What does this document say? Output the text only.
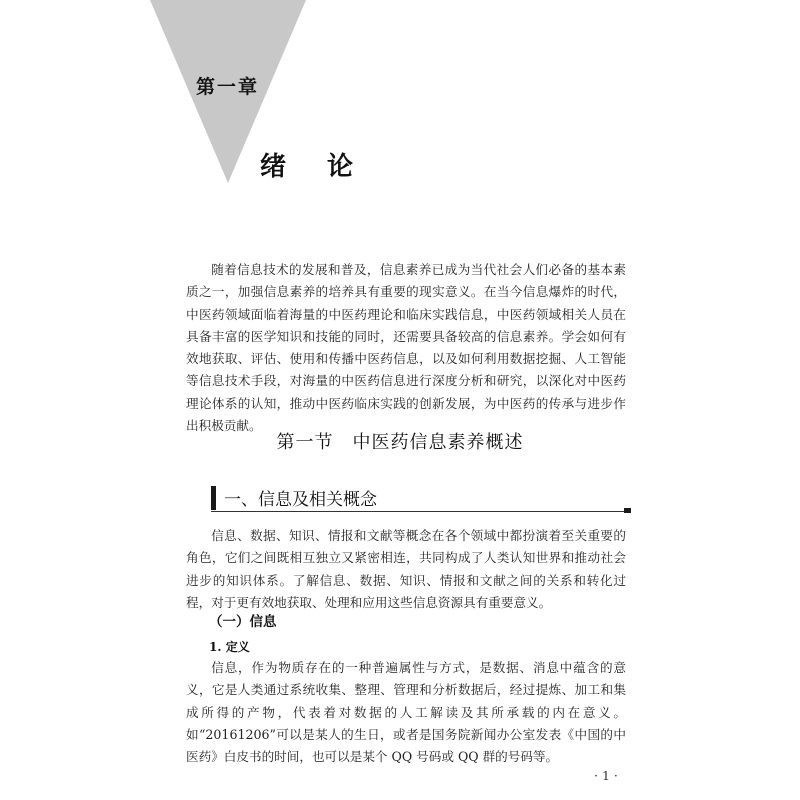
第一章
绪 论

随着信息技术的发展和普及，信息素养已成为当代社会人们必备的基本素质之一，加强信息素养的培养具有重要的现实意义。在当今信息爆炸的时代，中医药领域面临着海量的中医药理论和临床实践信息，中医药领域相关人员在具备丰富的医学知识和技能的同时，还需要具备较高的信息素养。学会如何有效地获取、评估、使用和传播中医药信息，以及如何利用数据挖掘、人工智能等信息技术手段，对海量的中医药信息进行深度分析和研究，以深化对中医药理论体系的认知，推动中医药临床实践的创新发展，为中医药的传承与进步作出积极贡献。

第一节　中医药信息素养概述
一、信息及相关概念

信息、数据、知识、情报和文献等概念在各个领域中都扮演着至关重要的角色，它们之间既相互独立又紧密相连，共同构成了人类认知世界和推动社会进步的知识体系。了解信息、数据、知识、情报和文献之间的关系和转化过程，对于更有效地获取、处理和应用这些信息资源具有重要意义。

（一）信息
1. 定义

信息，作为物质存在的一种普遍属性与方式，是数据、消息中蕴含的意义，它是人类通过系统收集、整理、管理和分析数据后，经过提炼、加工和集成所得的产物，代表着对数据的人工解读及其所承载的内在意义。如“20161206”可以是某人的生日，或者是国务院新闻办公室发表《中国的中医药》白皮书的时间，也可以是某个 QQ 号码或 QQ 群的号码等。

· 1 ·
